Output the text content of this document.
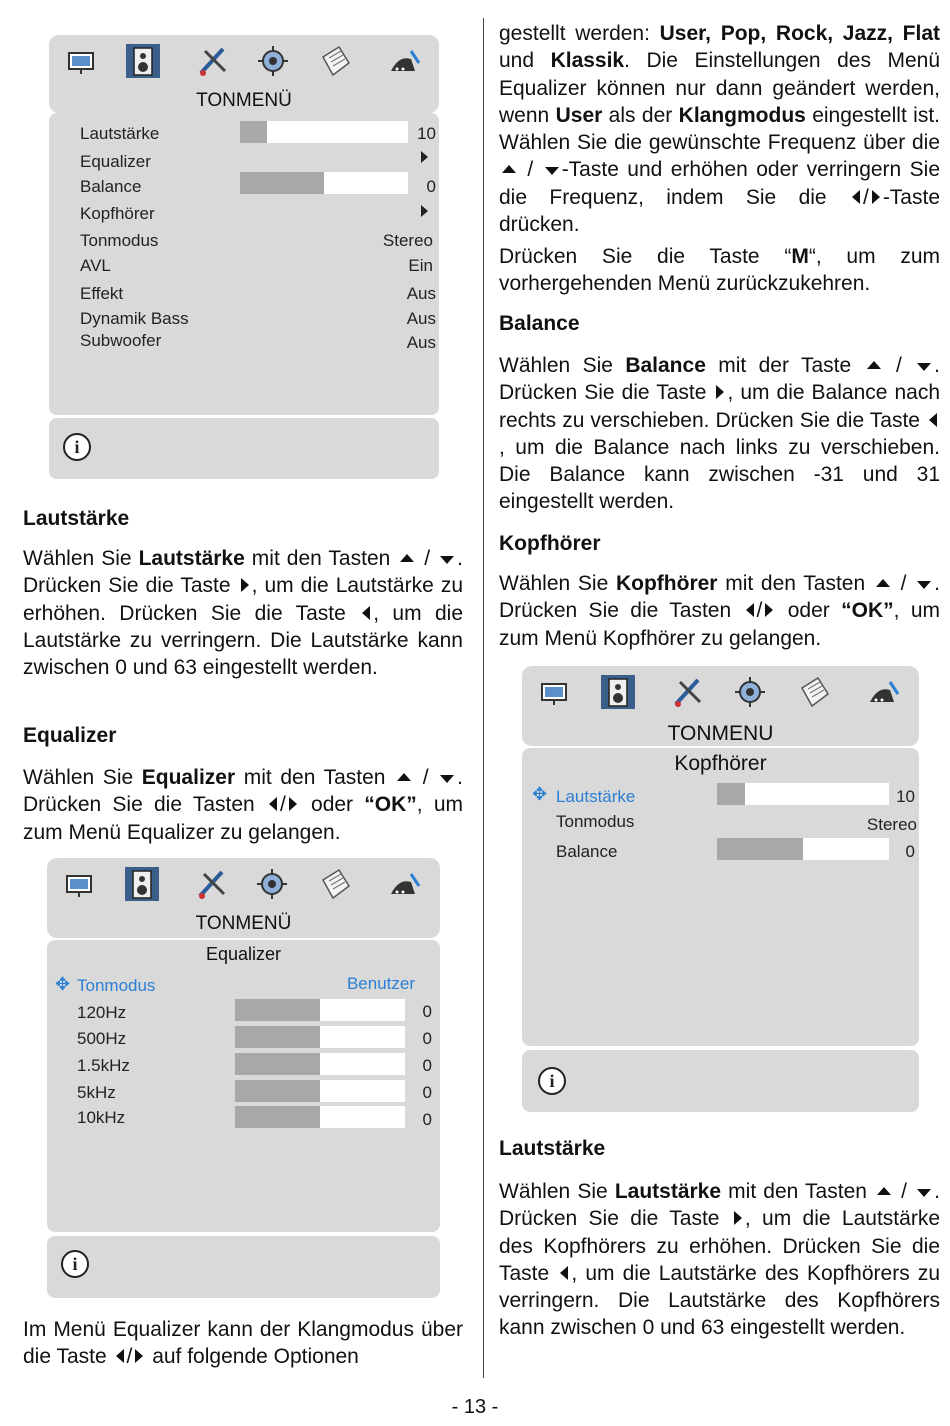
TONMENÜ
Lautstärke	10
Equalizer
Balance	0
Kopfhörer
Tonmodus	Stereo
AVL	Ein
Effekt	Aus
Dynamik Bass	Aus
Subwoofer	Aus
i
Lautstärke
Wählen Sie Lautstärke mit den Tasten  / . Drücken Sie die Taste , um die Lautstärke zu erhöhen. Drücken Sie die Taste , um die Lautstärke zu verringern. Die Lautstärke kann zwischen 0 und 63 eingestellt werden.
Equalizer
Wählen Sie Equalizer mit den Tasten  / . Drücken Sie die Tasten / oder “OK”, um zum Menü Equalizer zu gelangen.
TONMENÜ
Equalizer
✥ Tonmodus	Benutzer
120Hz	0
500Hz	0
1.5kHz	0
5kHz	0
10kHz	0
i
Im Menü Equalizer kann der Klangmodus über die Taste / auf folgende Optionen
gestellt werden: User, Pop, Rock, Jazz, Flat und Klassik. Die Einstellungen des Menü Equalizer können nur dann geändert werden, wenn User als der Klangmodus eingestellt ist. Wählen Sie die gewünschte Frequenz über die  / -Taste und erhöhen oder verringern Sie die Frequenz, indem Sie die / -Taste drücken.
Drücken Sie die Taste “M“, um zum vorhergehenden Menü zurückzukehren.
Balance
Wählen Sie Balance mit der Taste  / . Drücken Sie die Taste , um die Balance nach rechts zu verschieben. Drücken Sie die Taste , um die Balance nach links zu verschieben. Die Balance kann zwischen -31 und 31 eingestellt werden.
Kopfhörer
Wählen Sie Kopfhörer mit den Tasten  / . Drücken Sie die Tasten / oder “OK”, um zum Menü Kopfhörer zu gelangen.
TONMENU
Kopfhörer
✥ Lautstärke	10
Tonmodus	Stereo
Balance	0
i
Lautstärke
Wählen Sie Lautstärke mit den Tasten  / . Drücken Sie die Taste , um die Lautstärke des Kopfhörers zu erhöhen. Drücken Sie die Taste , um die Lautstärke des Kopfhörers zu verringern. Die Lautstärke des Kopfhörers kann zwischen 0 und 63 eingestellt werden.
- 13 -
